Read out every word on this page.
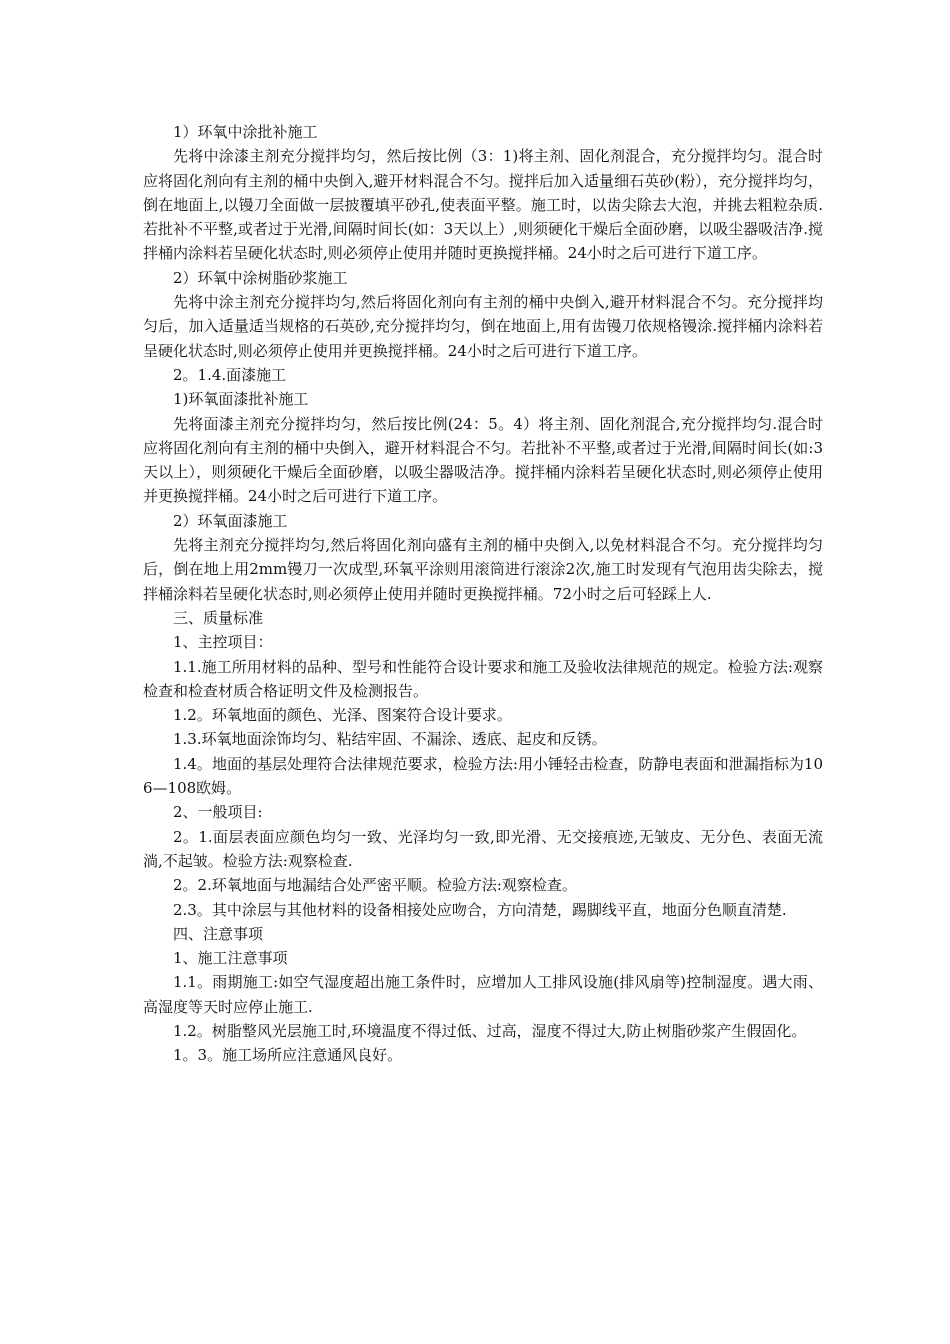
1）环氧中涂批补施工

先将中涂漆主剂充分搅拌均匀，然后按比例（3：1)将主剂、固化剂混合，充分搅拌均匀。混合时应将固化剂向有主剂的桶中央倒入,避开材料混合不匀。搅拌后加入适量细石英砂(粉），充分搅拌均匀，倒在地面上,以镘刀全面做一层披覆填平砂孔,使表面平整。施工时，以齿尖除去大泡，并挑去粗粒杂质.若批补不平整,或者过于光滑,间隔时间长(如：3天以上）,则须硬化干燥后全面砂磨，以吸尘器吸洁净.搅拌桶内涂料若呈硬化状态时,则必须停止使用并随时更换搅拌桶。24小时之后可进行下道工序。

2）环氧中涂树脂砂浆施工

先将中涂主剂充分搅拌均匀,然后将固化剂向有主剂的桶中央倒入,避开材料混合不匀。充分搅拌均匀后，加入适量适当规格的石英砂,充分搅拌均匀，倒在地面上,用有齿镘刀依规格镘涂.搅拌桶内涂料若呈硬化状态时,则必须停止使用并更换搅拌桶。24小时之后可进行下道工序。

2。1.4.面漆施工

1)环氧面漆批补施工

先将面漆主剂充分搅拌均匀，然后按比例(24：5。4）将主剂、固化剂混合,充分搅拌均匀.混合时应将固化剂向有主剂的桶中央倒入，避开材料混合不匀。若批补不平整,或者过于光滑,间隔时间长(如:3天以上），则须硬化干燥后全面砂磨，以吸尘器吸洁净。搅拌桶内涂料若呈硬化状态时,则必须停止使用并更换搅拌桶。24小时之后可进行下道工序。

2）环氧面漆施工

先将主剂充分搅拌均匀,然后将固化剂向盛有主剂的桶中央倒入,以免材料混合不匀。充分搅拌均匀后，倒在地上用2mm镘刀一次成型,环氧平涂则用滚筒进行滚涂2次,施工时发现有气泡用齿尖除去，搅拌桶涂料若呈硬化状态时,则必须停止使用并随时更换搅拌桶。72小时之后可轻踩上人.

三、质量标准

1、主控项目：

1.1.施工所用材料的品种、型号和性能符合设计要求和施工及验收法律规范的规定。检验方法:观察检查和检查材质合格证明文件及检测报告。

1.2。环氧地面的颜色、光泽、图案符合设计要求。

1.3.环氧地面涂饰均匀、粘结牢固、不漏涂、透底、起皮和反锈。

1.4。地面的基层处理符合法律规范要求，检验方法:用小锤轻击检查，防静电表面和泄漏指标为106—108欧姆。

2、一般项目:

2。1.面层表面应颜色均匀一致、光泽均匀一致,即光滑、无交接痕迹,无皱皮、无分色、表面无流淌,不起皱。检验方法:观察检查.

2。2.环氧地面与地漏结合处严密平顺。检验方法:观察检查。

2.3。其中涂层与其他材料的设备相接处应吻合，方向清楚，踢脚线平直，地面分色顺直清楚.

四、注意事项

1、施工注意事项

1.1。雨期施工:如空气湿度超出施工条件时，应增加人工排风设施(排风扇等)控制湿度。遇大雨、高湿度等天时应停止施工.

1.2。树脂整风光层施工时,环境温度不得过低、过高，湿度不得过大,防止树脂砂浆产生假固化。

1。3。施工场所应注意通风良好。
